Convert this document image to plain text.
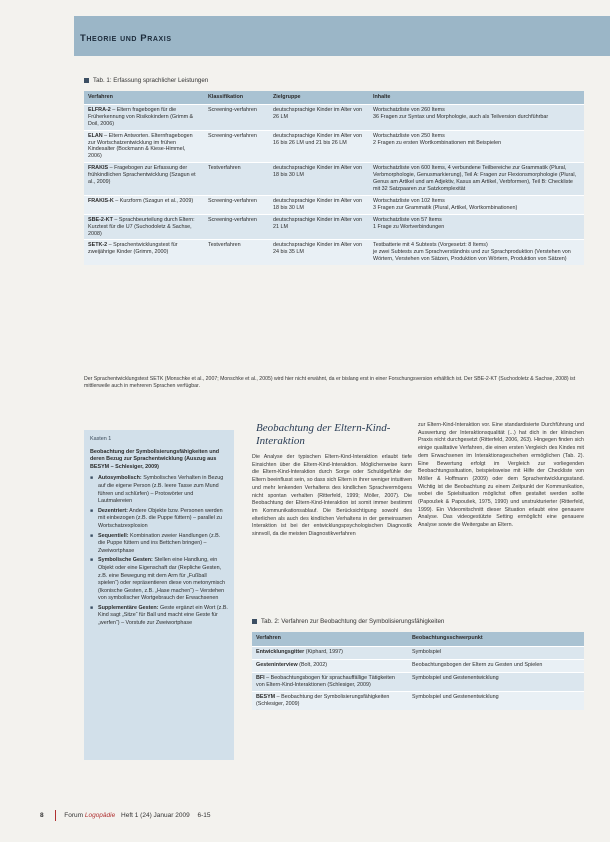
Theorie und Praxis
Tab. 1: Erfassung sprachlicher Leistungen
Verfahren	Klassifikation	Zielgruppe	Inhalte
ELFRA-2 – Eltern fragebogen für die Früherkennung von Risikokindern (Grimm & Doil, 2006)	Screening-verfahren	deutschsprachige Kinder im Alter von 26 LM	Wortschatzliste von 260 Items
36 Fragen zur Syntax und Morphologie, auch als Teilversion durchführbar
ELAN – Eltern Antworten. Elternfragebogen zur Wortschatzentwicklung im frühen Kindesalter (Bockmann & Kiese-Himmel, 2006)	Screening-verfahren	deutschsprachige Kinder im Alter von 16 bis 26 LM und 21 bis 26 LM	Wortschatzliste von 250 Items
2 Fragen zu ersten Wortkombinationen mit Beispielen
FRAKIS – Fragebogen zur Erfassung der frühkindlichen Sprachentwicklung (Szagun et al., 2009)	Testverfahren	deutschsprachige Kinder im Alter von 18 bis 30 LM	Wortschatzliste von 600 Items, 4 verbundene Teilbereiche zur Grammatik (Plural, Verbmorphologie, Genusmarkierung), Teil A: Fragen zur Flexionsmorphologie (Plural, Genus am Artikel und am Adjektiv, Kasus am Artikel, Verbformen), Teil B: Checkliste mit 32 Satzpaaren zur Satzkomplexität
FRAKIS-K – Kurzform (Szagun et al., 2009)	Screening-verfahren	deutschsprachige Kinder im Alter von 18 bis 30 LM	Wortschatzliste von 102 Items
3 Fragen zur Grammatik (Plural, Artikel, Wortkombinationen)
SBE-2-KT – Sprachbeurteilung durch Eltern: Kurztest für die U7 (Suchodoletz & Sachse, 2008)	Screening-verfahren	deutschsprachige Kinder im Alter von 21 LM	Wortschatzliste von 57 Items
1 Frage zu Wortverbindungen
SETK-2 – Sprachentwicklungstest für zweijährige Kinder (Grimm, 2000)	Testverfahren	deutschsprachige Kinder im Alter von 24 bis 35 LM	Testbatterie mit 4 Subtests (Vorgesetzt: 8 Items)
je zwei Subtests zum Sprachverständnis und zur Sprachproduktion (Verstehen von Wörtern, Verstehen von Sätzen, Produktion von Wörtern, Produktion von Sätzen)
Der Sprachentwicklungstest SETK (Monschke et al., 2007; Monschke et al., 2005) wird hier nicht erwähnt, da er bislang erst in einer Forschungsversion erhältlich ist. Der SBE-2-KT (Suchodoletz & Sachse, 2008) ist mittlerweile auch in mehreren Sprachen verfügbar.
Kasten 1
Beobachtung der Symbolisierungsfähigkeiten und deren Bezug zur Sprachentwicklung (Auszug aus BESYM – Schlesiger, 2009)
■ Autosymbolisch: Symbolisches Verhalten in Bezug auf die eigene Person (z.B. leere Tasse zum Mund führen und schlürfen) – Protowörter und Lautmalereien
■ Dezentriert: Andere Objekte bzw. Personen werden mit einbezogen (z.B. die Puppe füttern) – parallel zu Wortschatzexplosion
■ Sequentiell: Kombination zweier Handlungen (z.B. die Puppe füttern und ins Bettchen bringen) – Zweiwortphase
■ Symbolische Gesten: Stellen eine Handlung, ein Objekt oder eine Eigenschaft dar (Repliche Gesten, z.B. eine Bewegung mit dem Arm für „Fußball spielen“) oder repräsentieren diese von metonymisch (Ikonische Gesten, z.B. „Hase machen“) – Verstehen von symbolischer Wortgebrauch der Erwachsenen
■ Supplementäre Gesten: Geste ergänzt ein Wort (z.B. Kind sagt „Sitze“ für Ball und macht eine Geste für „werfen“) – Vorstufe zur Zweiwortphase
Beobachtung der Eltern-Kind-Interaktion
Die Analyse der typischen Eltern-Kind-Interaktion erlaubt tiefe Einsichten über die Eltern-Kind-Interaktion. Möglicherweise kann die Eltern-Kind-Interaktion durch Sorge oder Schuldgefühle der Eltern beeinflusst sein, so dass sich Eltern in ihrer weniger intuitiven und mehr lenkenden Verhaltens des kindlichen Sprachvermögens nicht spontan verhalten (Ritterfeld, 1999; Möller, 2007). Die Beobachtung der Eltern-Kind-Interaktion ist somit immer bestimmt im Kommunikationsablauf. Die Berücksichtigung sowohl des elterlichen als auch des kindlichen Verhaltens in der gemeinsamen Interaktion ist bei der entwicklungspsychologischen Diagnostik sinnvoll, da die meisten Diagnostikverfahren
zur Eltern-Kind-Interaktion vor. Eine standardisierte Durchführung und Auswertung der Interaktionsqualität (...) hat dich in der klinischen Praxis nicht durchgesetzt (Ritterfeld, 2006, 263). Hingegen finden sich einige qualitative Verfahren, die einen ersten Vergleich des Kindes mit dem Erwachsenen im Interaktionsgeschehen ermöglichen (Tab. 2). Eine Bewertung erfolgt im Vergleich zur vorliegenden Beobachtungssituation, beispielsweise mit Hilfe der Checkliste von Möller & Hoffmann (2009) oder dem Sprachentwicklungsstand. Wichtig ist die Beobachtung zu einem Zeitpunkt der Kommunikation, wobei die Spielsituation möglichst offen gestaltet werden sollte (Papoušek & Papoušek, 1975, 1990) und unstrukturierter (Ritterfeld, 1999). Ein Videomitschnitt dieser Situation erlaubt eine genauere Analyse. Das videogestützte Setting ermöglicht eine genauere Analyse sowie die Weitergabe an Eltern.
Tab. 2: Verfahren zur Beobachtung der Symbolisierungsfähigkeiten
Verfahren	Beobachtungsschwerpunkt
Entwicklungsgitter (Kiphard, 1997)	Symbolspiel
Gesteninterview (Bolt, 2002)	Beobachtungsbogen der Eltern zu Gesten und Spielen
BFI – Beobachtungsbogen für sprachauffällige Tätigkeiten von Eltern-Kind-Interaktionen (Schlesiger, 2009)	Symbolspiel und Gestenentwicklung
BESYM – Beobachtung der Symbolisierungsfähigkeiten (Schlesiger, 2009)	Symbolspiel und Gestenentwicklung
8	Forum Logopädie Heft 1 (24) Januar 2009 6-15
